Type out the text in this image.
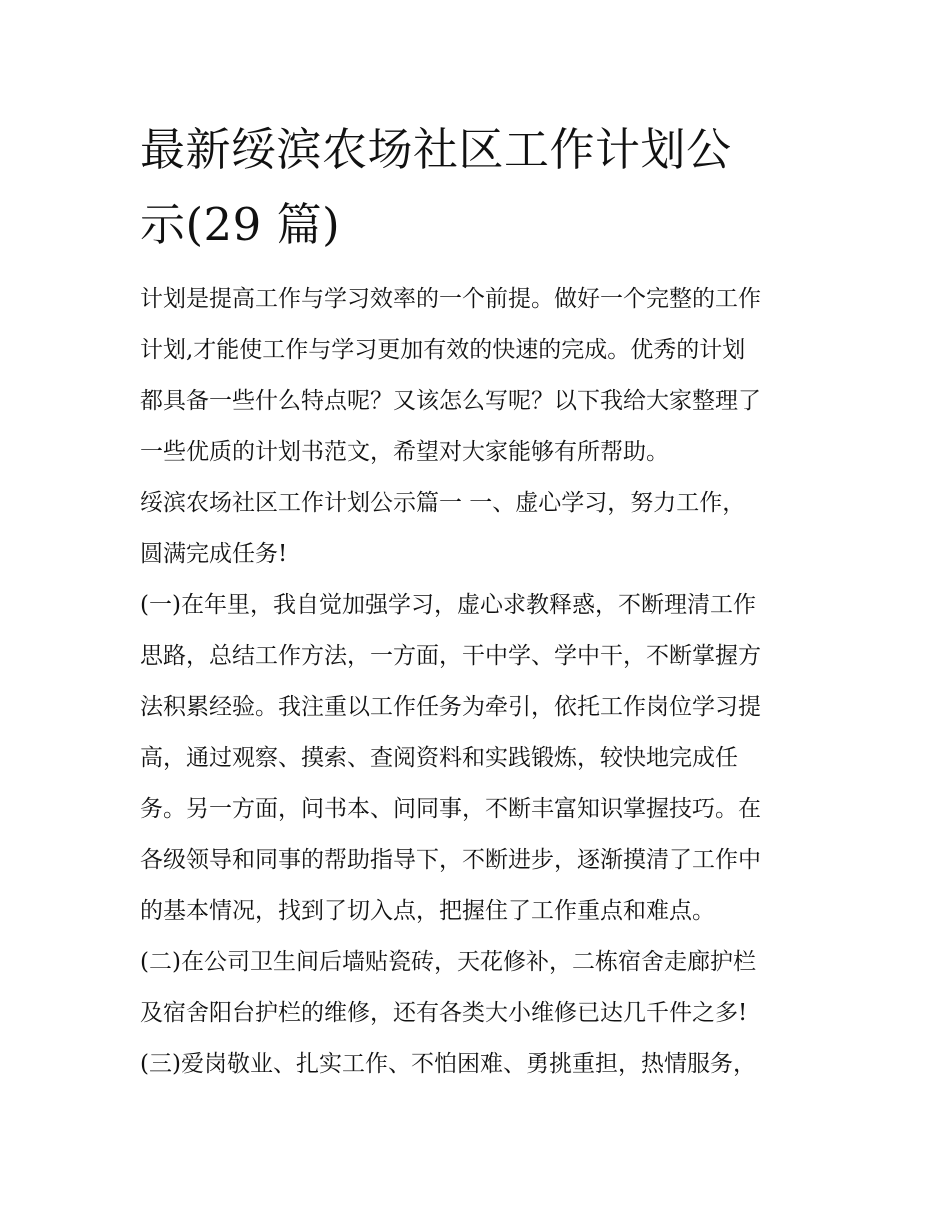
最新绥滨农场社区工作计划公
示(29 篇)
计划是提高工作与学习效率的一个前提。做好一个完整的工作
计划,才能使工作与学习更加有效的快速的完成。优秀的计划
都具备一些什么特点呢？又该怎么写呢？以下我给大家整理了
一些优质的计划书范文，希望对大家能够有所帮助。
绥滨农场社区工作计划公示篇一 一、虚心学习，努力工作，
圆满完成任务!
(一)在年里，我自觉加强学习，虚心求教释惑，不断理清工作
思路，总结工作方法，一方面，干中学、学中干，不断掌握方
法积累经验。我注重以工作任务为牵引，依托工作岗位学习提
高，通过观察、摸索、查阅资料和实践锻炼，较快地完成任
务。另一方面，问书本、问同事，不断丰富知识掌握技巧。在
各级领导和同事的帮助指导下，不断进步，逐渐摸清了工作中
的基本情况，找到了切入点，把握住了工作重点和难点。
(二)在公司卫生间后墙贴瓷砖，天花修补，二栋宿舍走廊护栏
及宿舍阳台护栏的维修，还有各类大小维修已达几千件之多!
(三)爱岗敬业、扎实工作、不怕困难、勇挑重担，热情服务，
